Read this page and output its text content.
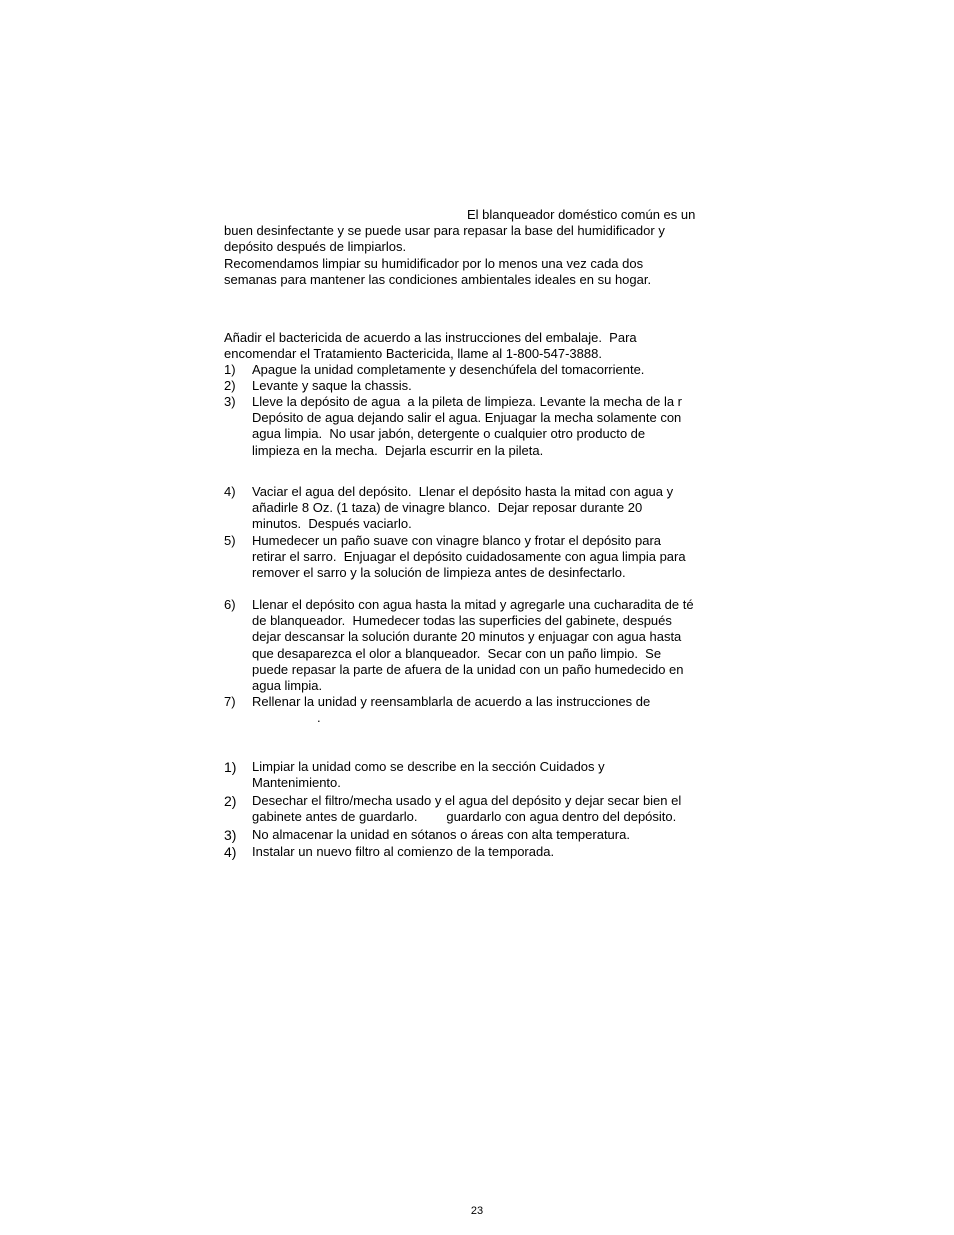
El blanqueador doméstico común es un
buen desinfectante y se puede usar para repasar la base del humidificador y
depósito después de limpiarlos.
Recomendamos limpiar su humidificador por lo menos una vez cada dos
semanas para mantener las condiciones ambientales ideales en su hogar.
Añadir el bactericida de acuerdo a las instrucciones del embalaje.  Para
encomendar el Tratamiento Bactericida, llame al 1-800-547-3888.
1) Apague la unidad completamente y desenchúfela del tomacorriente.
2) Levante y saque la chassis.
3) Lleve la depósito de agua  a la pileta de limpieza. Levante la mecha de la r
Depósito de agua dejando salir el agua. Enjuagar la mecha solamente con
agua limpia.  No usar jabón, detergente o cualquier otro producto de
limpieza en la mecha.  Dejarla escurrir en la pileta.
4) Vaciar el agua del depósito.  Llenar el depósito hasta la mitad con agua y
añadirle 8 Oz. (1 taza) de vinagre blanco.  Dejar reposar durante 20
minutos.  Después vaciarlo.
5) Humedecer un paño suave con vinagre blanco y frotar el depósito para
retirar el sarro.  Enjuagar el depósito cuidadosamente con agua limpia para
remover el sarro y la solución de limpieza antes de desinfectarlo.
6) Llenar el depósito con agua hasta la mitad y agregarle una cucharadita de té
de blanqueador.  Humedecer todas las superficies del gabinete, después
dejar descansar la solución durante 20 minutos y enjuagar con agua hasta
que desaparezca el olor a blanqueador.  Secar con un paño limpio.  Se
puede repasar la parte de afuera de la unidad con un paño humedecido en
agua limpia.
7) Rellenar la unidad y reensamblarla de acuerdo a las instrucciones de
.
1) Limpiar la unidad como se describe en la sección Cuidados y
Mantenimiento.
2) Desechar el filtro/mecha usado y el agua del depósito y dejar secar bien el
gabinete antes de guardarlo.        guardarlo con agua dentro del depósito.
3) No almacenar la unidad en sótanos o áreas con alta temperatura.
4) Instalar un nuevo filtro al comienzo de la temporada.
23
